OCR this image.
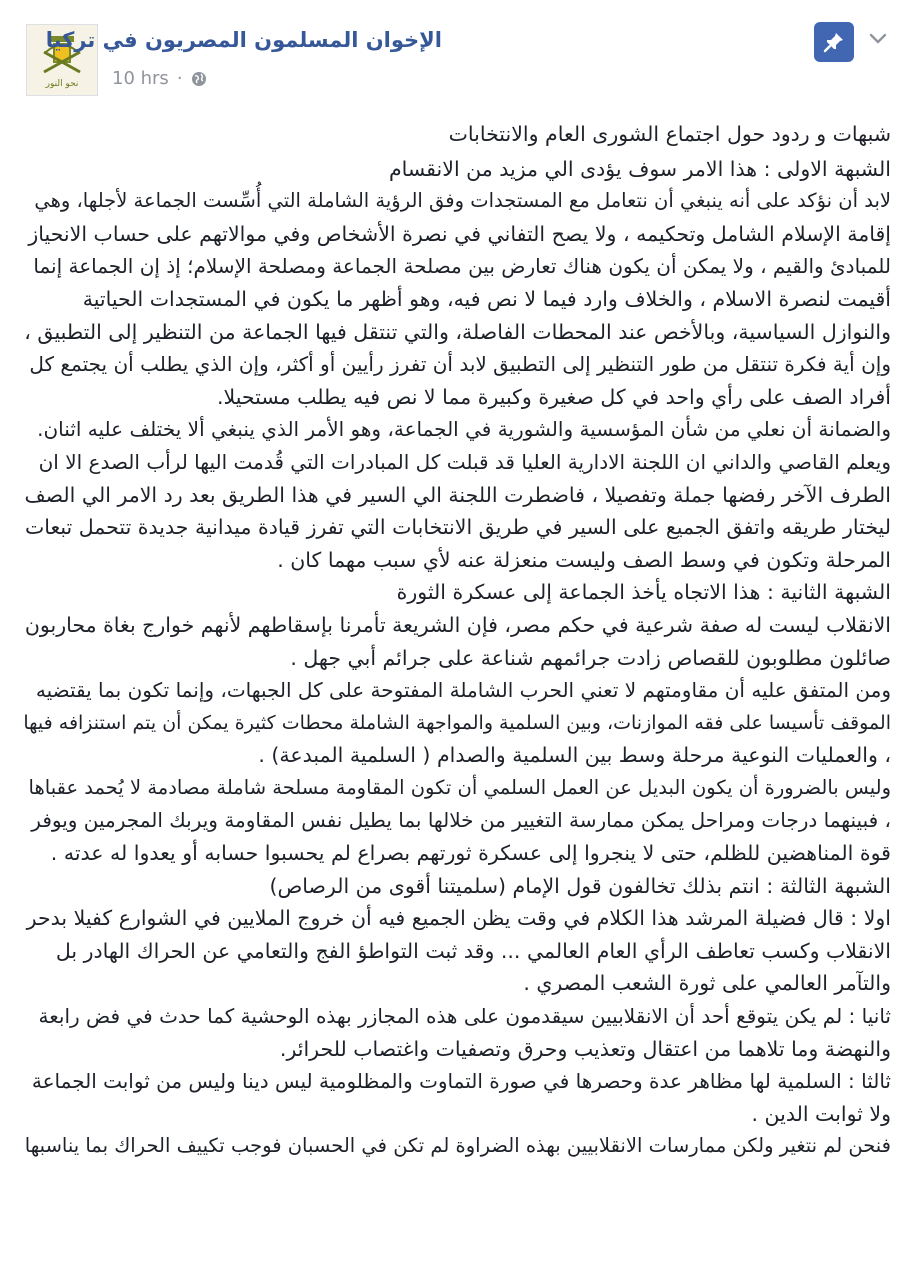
نحو النور
الإخوان المسلمون المصريون في تركيا
10 hrs ·

شبهات و ردود حول اجتماع الشورى العام والانتخابات

الشبهة الاولى : هذا الامر سوف يؤدى الي مزيد من الانقسام

لابد أن نؤكد على أنه ينبغي أن نتعامل مع المستجدات وفق الرؤية الشاملة التي أُسِّست الجماعة لأجلها، وهي

إقامة الإسلام الشامل وتحكيمه ، ولا يصح التفاني في نصرة الأشخاص وفي موالاتهم على حساب الانحياز

للمبادئ والقيم ، ولا يمكن أن يكون هناك تعارض بين مصلحة الجماعة ومصلحة الإسلام؛ إذ إن الجماعة إنما

أقيمت لنصرة الاسلام ، والخلاف وارد فيما لا نص فيه، وهو أظهر ما يكون في المستجدات الحياتية

والنوازل السياسية، وبالأخص عند المحطات الفاصلة، والتي تنتقل فيها الجماعة من التنظير إلى التطبيق ،

وإن أية فكرة تنتقل من طور التنظير إلى التطبيق لابد أن تفرز رأيين أو أكثر، وإن الذي يطلب أن يجتمع كل

أفراد الصف على رأي واحد في كل صغيرة وكبيرة مما لا نص فيه يطلب مستحيلا.

والضمانة أن نعلي من شأن المؤسسية والشورية في الجماعة، وهو الأمر الذي ينبغي ألا يختلف عليه اثنان.

ويعلم القاصي والداني ان اللجنة الادارية العليا قد قبلت كل المبادرات التي قُدمت اليها لرأب الصدع الا ان

الطرف الآخر رفضها جملة وتفصيلا ، فاضطرت اللجنة الي السير في هذا الطريق بعد رد الامر الي الصف

ليختار طريقه واتفق الجميع على السير في طريق الانتخابات التي تفرز قيادة ميدانية جديدة تتحمل تبعات

المرحلة وتكون في وسط الصف وليست منعزلة عنه لأي سبب مهما كان .

الشبهة الثانية : هذا الاتجاه يأخذ الجماعة إلى عسكرة الثورة

الانقلاب ليست له صفة شرعية في حكم مصر، فإن الشريعة تأمرنا بإسقاطهم لأنهم خوارج بغاة محاربون

صائلون مطلوبون للقصاص زادت جرائمهم شناعة على جرائم أبي جهل .

ومن المتفق عليه أن مقاومتهم لا تعني الحرب الشاملة المفتوحة على كل الجبهات، وإنما تكون بما يقتضيه

الموقف تأسيسا على فقه الموازنات، وبين السلمية والمواجهة الشاملة محطات كثيرة يمكن أن يتم استنزافه فيها

، والعمليات النوعية مرحلة وسط بين السلمية والصدام ( السلمية المبدعة) .

وليس بالضرورة أن يكون البديل عن العمل السلمي أن تكون المقاومة مسلحة شاملة مصادمة لا يُحمد عقباها

، فبينهما درجات ومراحل يمكن ممارسة التغيير من خلالها بما يطيل نفس المقاومة ويربك المجرمين ويوفر

قوة المناهضين للظلم، حتى لا ينجروا إلى عسكرة ثورتهم بصراع لم يحسبوا حسابه أو يعدوا له عدته .

الشبهة الثالثة : انتم بذلك تخالفون قول الإمام (سلميتنا أقوى من الرصاص)

اولا : قال فضيلة المرشد هذا الكلام في وقت يظن الجميع فيه أن خروج الملايين في الشوارع كفيلا بدحر

الانقلاب وكسب تعاطف الرأي العام العالمي ... وقد ثبت التواطؤ الفج والتعامي عن الحراك الهادر بل

والتآمر العالمي على ثورة الشعب المصري .

ثانيا : لم يكن يتوقع أحد أن الانقلابيين سيقدمون على هذه المجازر بهذه الوحشية كما حدث في فض رابعة

والنهضة وما تلاهما من اعتقال وتعذيب وحرق وتصفيات واغتصاب للحرائر.

ثالثا : السلمية لها مظاهر عدة وحصرها في صورة التماوت والمظلومية ليس دينا وليس من ثوابت الجماعة

ولا ثوابت الدين .

فنحن لم نتغير ولكن ممارسات الانقلابيين بهذه الضراوة لم تكن في الحسبان فوجب تكييف الحراك بما يناسبها
